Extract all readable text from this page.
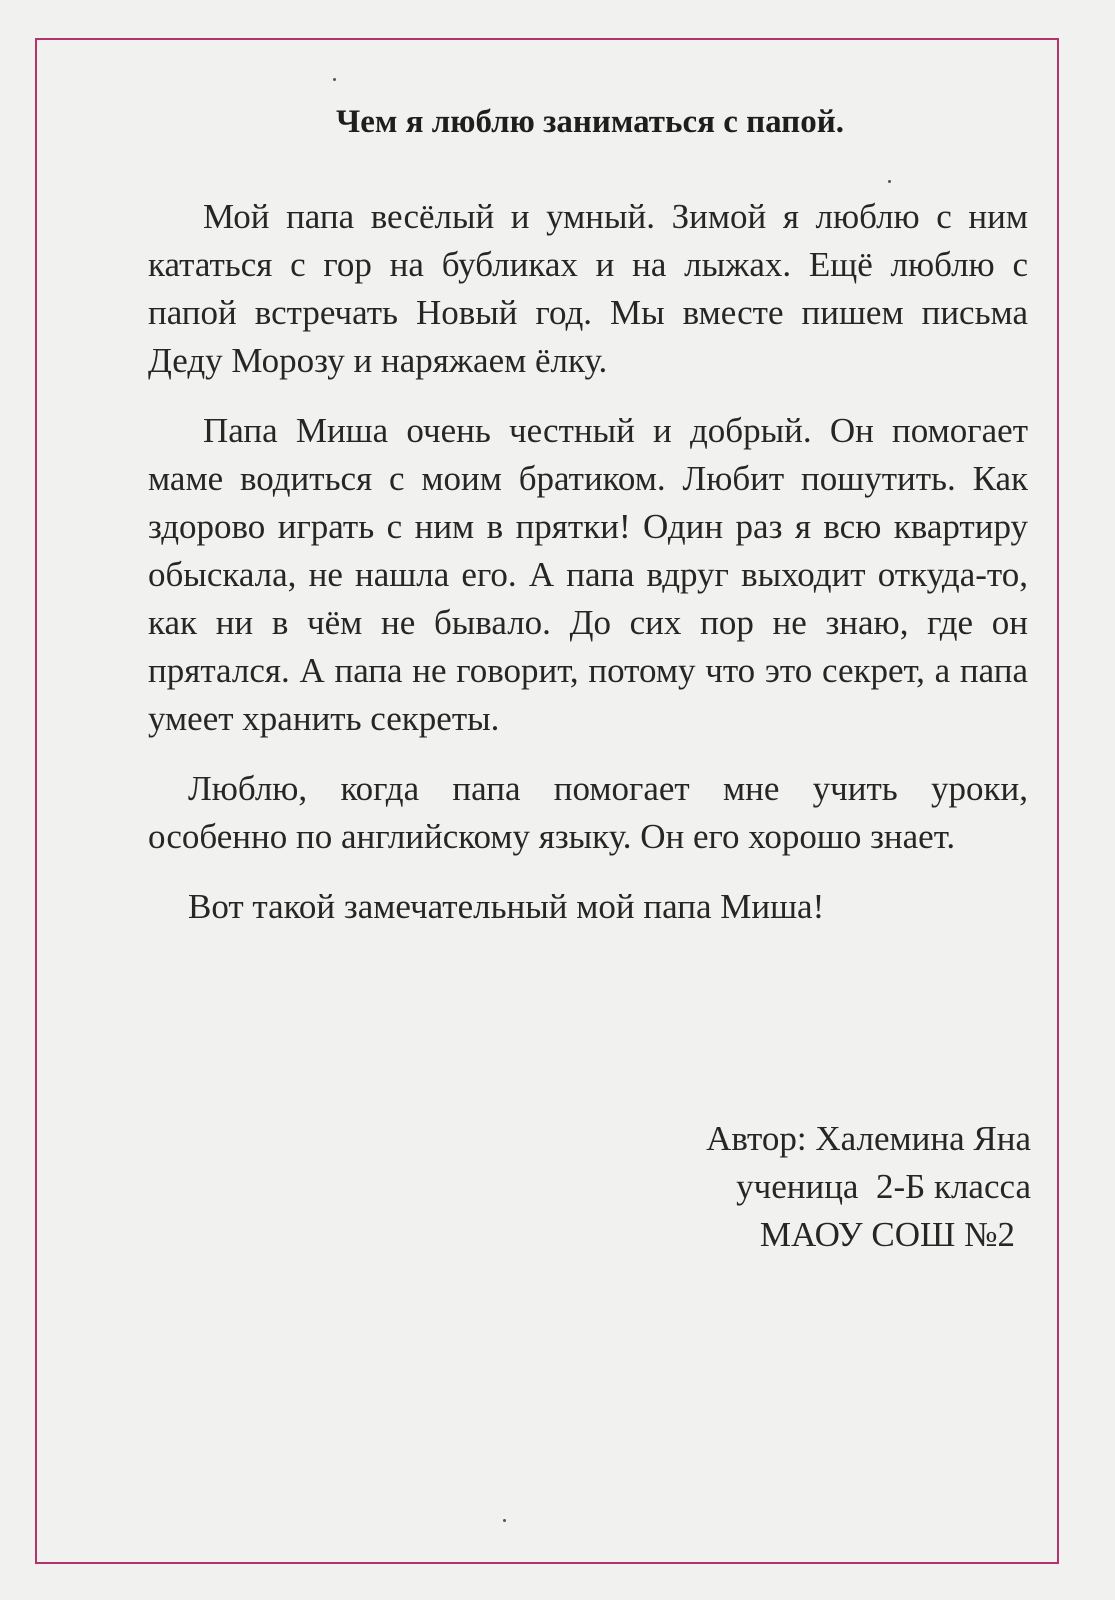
Чем я люблю заниматься с папой.

Мой папа весёлый и умный. Зимой я люблю с ним кататься с гор на бубликах и на лыжах. Ещё люблю с папой встречать Новый год. Мы вместе пишем письма Деду Морозу и наряжаем ёлку.

Папа Миша очень честный и добрый. Он помогает маме водиться с моим братиком. Любит пошутить. Как здорово играть с ним в прятки! Один раз я всю квартиру обыскала, не нашла его. А папа вдруг выходит откуда-то, как ни в чём не бывало. До сих пор не знаю, где он прятался. А папа не говорит, потому что это секрет, а папа умеет хранить секреты.

Люблю, когда папа помогает мне учить уроки, особенно по английскому языку. Он его хорошо знает.

Вот такой замечательный мой папа Миша!

Автор: Халемина Яна
ученица  2-Б класса
МАОУ СОШ №2
